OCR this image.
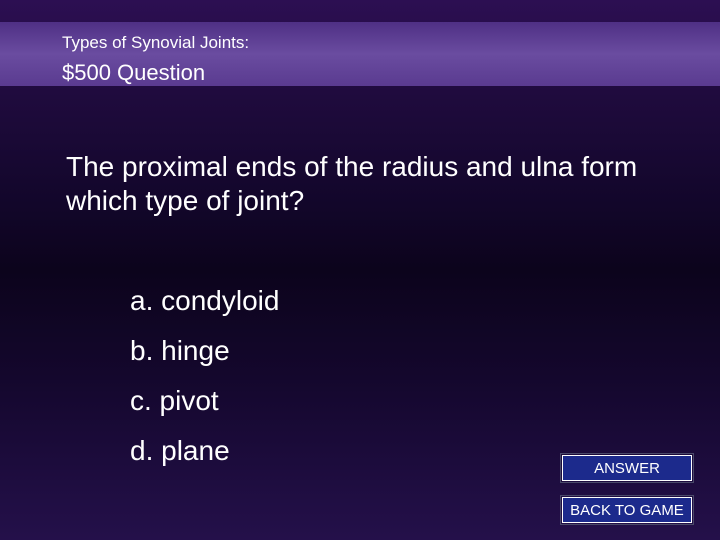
Types of Synovial Joints:
$500 Question
The proximal ends of the radius and ulna form which type of joint?
a. condyloid
b. hinge
c. pivot
d. plane
ANSWER
BACK TO GAME
